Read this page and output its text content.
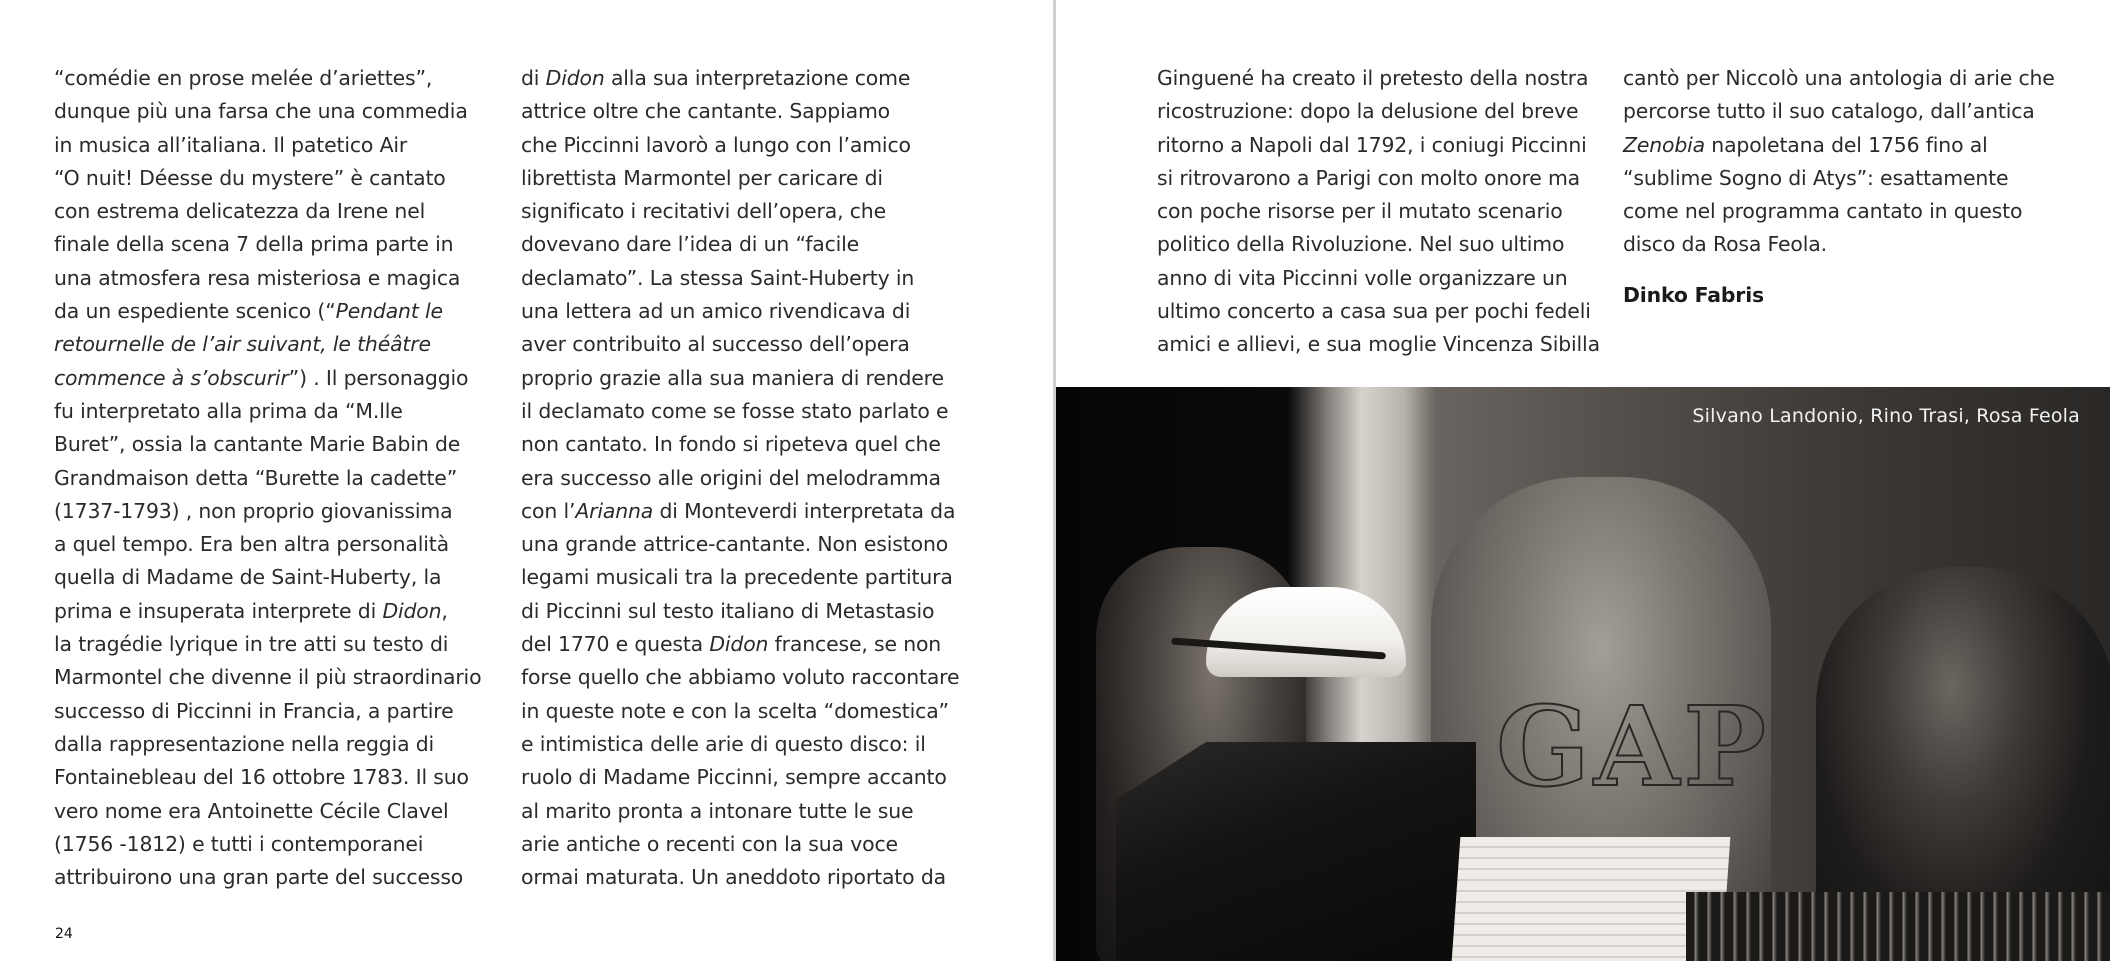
“comédie en prose melée d’ariettes”,
dunque più una farsa che una commedia
in musica all’italiana. Il patetico Air
“O nuit! Déesse du mystere” è cantato
con estrema delicatezza da Irene nel
finale della scena 7 della prima parte in
una atmosfera resa misteriosa e magica
da un espediente scenico (“Pendant le
retournelle de l’air suivant, le théâtre
commence à s’obscurir”) . Il personaggio
fu interpretato alla prima da “M.lle
Buret”, ossia la cantante Marie Babin de
Grandmaison detta “Burette la cadette”
(1737-1793) , non proprio giovanissima
a quel tempo. Era ben altra personalità
quella di Madame de Saint-Huberty, la
prima e insuperata interprete di Didon,
la tragédie lyrique in tre atti su testo di
Marmontel che divenne il più straordinario
successo di Piccinni in Francia, a partire
dalla rappresentazione nella reggia di
Fontainebleau del 16 ottobre 1783. Il suo
vero nome era Antoinette Cécile Clavel
(1756 -1812) e tutti i contemporanei
attribuirono una gran parte del successo
di Didon alla sua interpretazione come
attrice oltre che cantante. Sappiamo
che Piccinni lavorò a lungo con l’amico
librettista Marmontel per caricare di
significato i recitativi dell’opera, che
dovevano dare l’idea di un “facile
declamato”. La stessa Saint-Huberty in
una lettera ad un amico rivendicava di
aver contribuito al successo dell’opera
proprio grazie alla sua maniera di rendere
il declamato come se fosse stato parlato e
non cantato. In fondo si ripeteva quel che
era successo alle origini del melodramma
con l’Arianna di Monteverdi interpretata da
una grande attrice-cantante. Non esistono
legami musicali tra la precedente partitura
di Piccinni sul testo italiano di Metastasio
del 1770 e questa Didon francese, se non
forse quello che abbiamo voluto raccontare
in queste note e con la scelta “domestica”
e intimistica delle arie di questo disco: il
ruolo di Madame Piccinni, sempre accanto
al marito pronta a intonare tutte le sue
arie antiche o recenti con la sua voce
ormai maturata. Un aneddoto riportato da
24
Ginguené ha creato il pretesto della nostra
ricostruzione: dopo la delusione del breve
ritorno a Napoli dal 1792, i coniugi Piccinni
si ritrovarono a Parigi con molto onore ma
con poche risorse per il mutato scenario
politico della Rivoluzione. Nel suo ultimo
anno di vita Piccinni volle organizzare un
ultimo concerto a casa sua per pochi fedeli
amici e allievi, e sua moglie Vincenza Sibilla
cantò per Niccolò una antologia di arie che
percorse tutto il suo catalogo, dall’antica
Zenobia napoletana del 1756 fino al
“sublime Sogno di Atys”: esattamente
come nel programma cantato in questo
disco da Rosa Feola.
Dinko Fabris
GAP
Silvano Landonio, Rino Trasi, Rosa Feola
